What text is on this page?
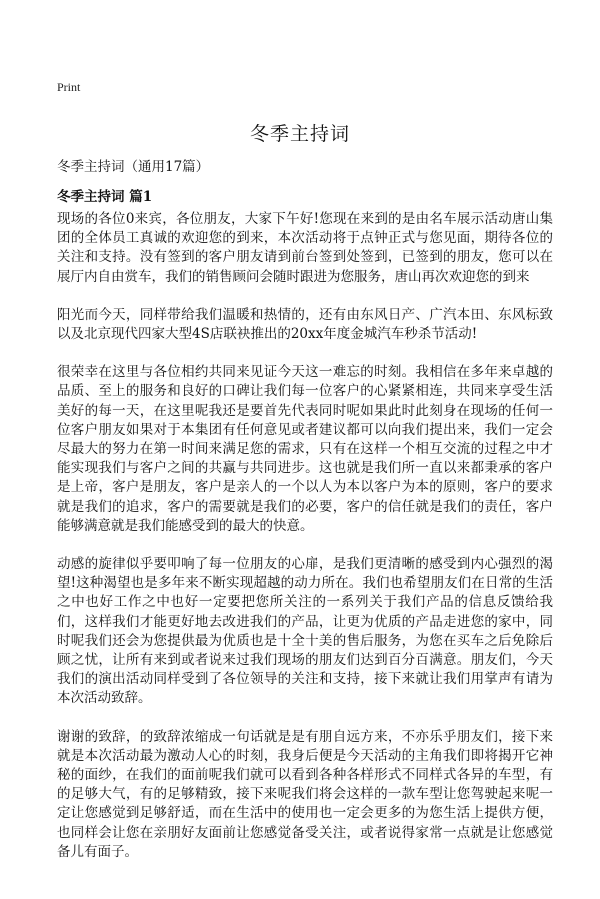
Print
冬季主持词
冬季主持词（通用17篇）
冬季主持词 篇1

现场的各位0来宾，各位朋友，大家下午好!您现在来到的是由名车展示活动唐山集团的全体员工真诚的欢迎您的到来，本次活动将于点钟正式与您见面，期待各位的关注和支持。没有签到的客户朋友请到前台签到处签到，已签到的朋友，您可以在展厅内自由赏车，我们的销售顾问会随时跟进为您服务，唐山再次欢迎您的到来

阳光而今天，同样带给我们温暖和热情的，还有由东风日产、广汽本田、东风标致以及北京现代四家大型4S店联袂推出的20xx年度金城汽车秒杀节活动!

很荣幸在这里与各位相约共同来见证今天这一难忘的时刻。我相信在多年来卓越的品质、至上的服务和良好的口碑让我们每一位客户的心紧紧相连，共同来享受生活美好的每一天，在这里呢我还是要首先代表同时呢如果此时此刻身在现场的任何一位客户朋友如果对于本集团有任何意见或者建议都可以向我们提出来，我们一定会尽最大的努力在第一时间来满足您的需求，只有在这样一个相互交流的过程之中才能实现我们与客户之间的共赢与共同进步。这也就是我们所一直以来都秉承的客户是上帝，客户是朋友，客户是亲人的一个以人为本以客户为本的原则，客户的要求就是我们的追求，客户的需要就是我们的必要，客户的信任就是我们的责任，客户能够满意就是我们能感受到的最大的快意。

动感的旋律似乎要叩响了每一位朋友的心扉，是我们更清晰的感受到内心强烈的渴望!这种渴望也是多年来不断实现超越的动力所在。我们也希望朋友们在日常的生活之中也好工作之中也好一定要把您所关注的一系列关于我们产品的信息反馈给我们，这样我们才能更好地去改进我们的产品，让更为优质的产品走进您的家中，同时呢我们还会为您提供最为优质也是十全十美的售后服务，为您在买车之后免除后顾之忧，让所有来到或者说来过我们现场的朋友们达到百分百满意。朋友们，今天我们的演出活动同样受到了各位领导的关注和支持，接下来就让我们用掌声有请为本次活动致辞。

谢谢的致辞，的致辞浓缩成一句话就是是有朋自远方来，不亦乐乎朋友们，接下来就是本次活动最为激动人心的时刻，我身后便是今天活动的主角我们即将揭开它神秘的面纱，在我们的面前呢我们就可以看到各种各样形式不同样式各异的车型，有的足够大气，有的足够精致，接下来呢我们将会这样的一款车型让您驾驶起来呢一定让您感觉到足够舒适，而在生活中的使用也一定会更多的为您生活上提供方便，也同样会让您在亲朋好友面前让您感觉备受关注，或者说得家常一点就是让您感觉备儿有面子。
